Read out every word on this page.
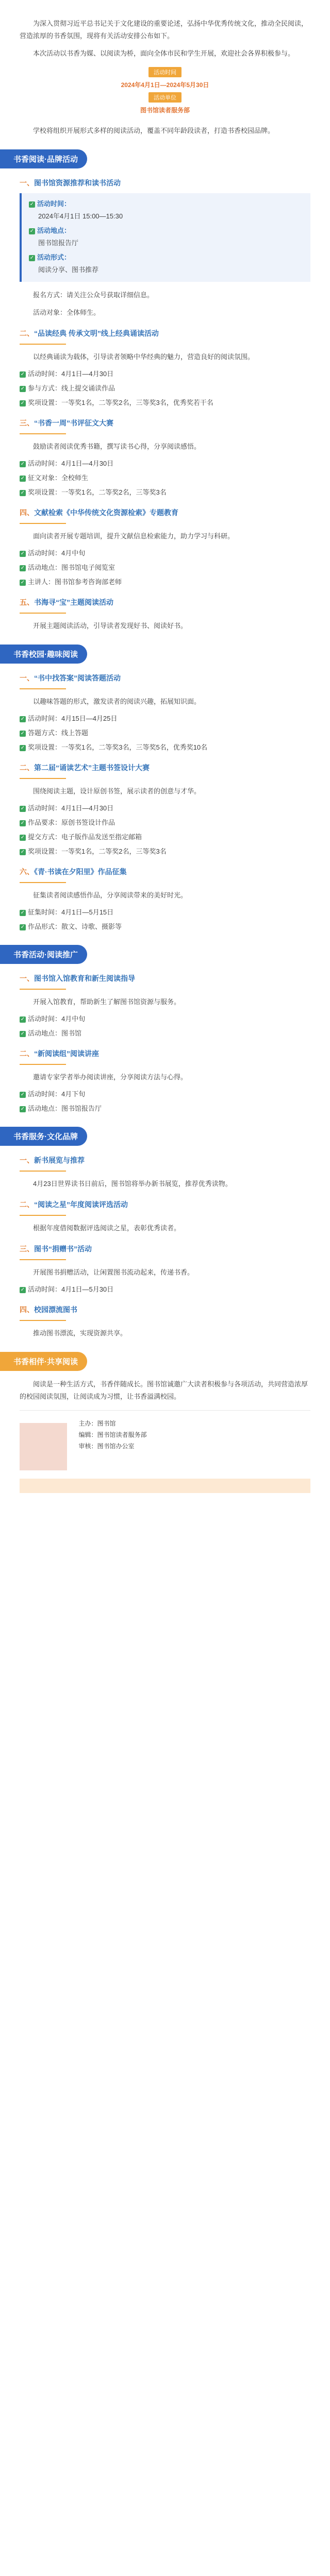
为深入贯彻习近平总书记关于文化建设的重要论述，弘扬中华优秀传统文化，推动全民阅读，营造浓厚的书香氛围，现将有关活动安排公布如下。

本次活动以书香为媒、以阅读为桥，面向全体市民和学生开展，欢迎社会各界积极参与。

活动时间
2024年4月1日—2024年5月30日
活动单位
图书馆读者服务部

学校将组织开展形式多样的阅读活动，覆盖不同年龄段读者，打造书香校园品牌。

书香阅读·品牌活动
一、图书馆资源推荐和读书活动
✓ 活动时间：
2024年4月1日 15:00—15:30
✓ 活动地点：
图书馆报告厅
✓ 活动形式：
阅读分享、图书推荐

报名方式：请关注公众号获取详细信息。

活动对象：全体师生。

二、“品读经典 传承文明”线上经典诵读活动

以经典诵读为载体，引导读者领略中华经典的魅力，营造良好的阅读氛围。

✓ 活动时间：4月1日—4月30日
✓ 参与方式：线上提交诵读作品
✓ 奖项设置：一等奖1名，二等奖2名，三等奖3名，优秀奖若干名
三、“书香一周”书评征文大赛

鼓励读者阅读优秀书籍，撰写读书心得，分享阅读感悟。

✓ 活动时间：4月1日—4月30日
✓ 征文对象：全校师生
✓ 奖项设置：一等奖1名，二等奖2名，三等奖3名
四、文献检索《中华传统文化资源检索》专题教育

面向读者开展专题培训，提升文献信息检索能力，助力学习与科研。

✓ 活动时间：4月中旬
✓ 活动地点：图书馆电子阅览室
✓ 主讲人：图书馆参考咨询部老师
五、书海寻“宝”主题阅读活动

开展主题阅读活动，引导读者发现好书、阅读好书。

书香校园·趣味阅读
一、“书中找答案”阅读答题活动

以趣味答题的形式，激发读者的阅读兴趣，拓展知识面。

✓ 活动时间：4月15日—4月25日
✓ 答题方式：线上答题
✓ 奖项设置：一等奖1名，二等奖3名，三等奖5名，优秀奖10名
二、第二届“诵读艺术”主题书签设计大赛

围绕阅读主题，设计原创书签，展示读者的创意与才华。

✓ 活动时间：4月1日—4月30日
✓ 作品要求：原创书签设计作品
✓ 提交方式：电子版作品发送至指定邮箱
✓ 奖项设置：一等奖1名，二等奖2名，三等奖3名
六、《青·书读在夕阳里》作品征集

征集读者阅读感悟作品，分享阅读带来的美好时光。

✓ 征集时间：4月1日—5月15日
✓ 作品形式：散文、诗歌、摄影等
书香活动·阅读推广
一、图书馆入馆教育和新生阅读指导

开展入馆教育，帮助新生了解图书馆资源与服务。

✓ 活动时间：4月中旬
✓ 活动地点：图书馆
二、“新阅读组”阅读讲座

邀请专家学者举办阅读讲座，分享阅读方法与心得。

✓ 活动时间：4月下旬
✓ 活动地点：图书馆报告厅
书香服务·文化品牌
一、新书展览与推荐

4月23日世界读书日前后，图书馆将举办新书展览，推荐优秀读物。

二、“阅读之星”年度阅读评选活动

根据年度借阅数据评选阅读之星，表彰优秀读者。

三、图书“捐赠书”活动

开展图书捐赠活动，让闲置图书流动起来，传递书香。

✓ 活动时间：4月1日—5月30日
四、校园漂流图书

推动图书漂流，实现资源共享。

书香相伴·共享阅读

阅读是一种生活方式，书香伴随成长。图书馆诚邀广大读者积极参与各项活动，共同营造浓厚的校园阅读氛围，让阅读成为习惯，让书香溢满校园。

主办：图书馆
编辑：图书馆读者服务部
审核：图书馆办公室
